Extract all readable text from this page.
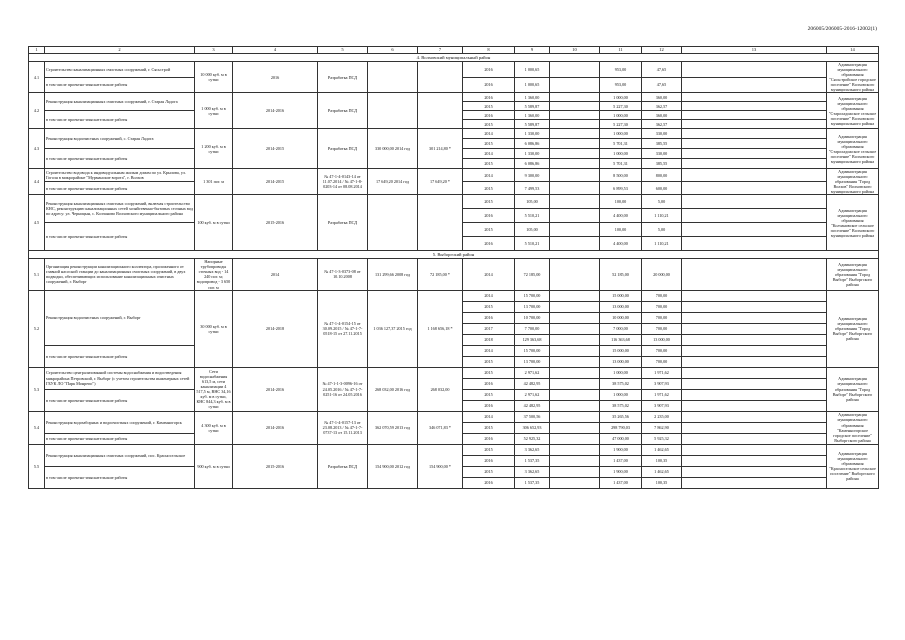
206005/206005-2016-12002(1)
1	2	3	4	5	6	7	8	9	10	11	12	13	14	
4. Волховский муниципальный район														
4.1	Строительство канализационных очистных сооружений, г. Сясьстрой	10 000 куб. м в сутки	2016	Разработка ПСД			2016	1 000,65		953,00	47,65		Администрация муниципального образования "Сясьстройское городское поселение" Волховского муниципального района	
	в том числе проектно-изыскательские работы						2016	1 000,65		953,00	47,65			
4.2	Реконструкция канализационных очистных сооружений, г. Старая Ладога	1 000 куб. м в сутки	2014-2016	Разработка ПСД			2016	1 360,00		1 000,00	360,00		Администрация муниципального образования "Староладожское сельское поселение" Волховского муниципального района	
							2015	5 589,87		5 227,30	362,57			
	в том числе проектно-изыскательские работы						2016	1 360,00		1 000,00	360,00			
							2015	5 589,87		5 227,30	362,57			
4.3	Реконструкция водоочистных сооружений, с. Старая Ладога	1 200 куб. м в сутки	2014-2015	Разработка ПСД	330 000,00 2014 год	301 214,80 *	2014	1 330,00		1 000,00	330,00		Администрация муниципального образования "Староладожское сельское поселение" Волховского муниципального района	
							2015	6 086,86		5 701,31	385,55			
	в том числе проектно-изыскательские работы						2014	1 330,00		1 000,00	330,00			
							2015	6 086,86		5 701,31	385,55			
4.4	Строительство водовода к индивидуальным жилым домам по ул. Крылова, ул. Гоголя в микрорайоне "Мурманские ворота", г. Волхов	1 301 пог. м	2014-2015	№ 47-1-4-0143-14 от 11.07.2014 / № 47-1-8-0203-14 от 08.08.2014	17 649,20 2014 год	17 649,20 *	2014	9 300,00		8 500,00	800,00		Администрация муниципального образования "Город Волхов" Волховского муниципального района	
	в том числе проектно-изыскательские работы						2015	7 499,53		6 899,53	600,00			
4.5	Реконструкция канализационных очистных сооружений, включая строительство КНС, реконструкцию канализационных сетей хозяйственно-бытовых сточных вод по адресу: ул. Черницын, с. Колчаново Волховского муниципального района	100 куб. м в сутки	2015-2016	Разработка ПСД			2015	105,00		100,00	5,00		Администрация муниципального образования "Колчановское сельское поселение" Волховского муниципального района	
							2016	5 510,21		4 400,00	1 110,21			
	в том числе проектно-изыскательские работы						2015	105,00		100,00	5,00			
							2016	5 510,21		4 400,00	1 110,21			
5. Выборгский район														
5.1	Организация реконструкции канализационного коллектора, проложенного от главной насосной станции до канализационных очистных сооружений, в двух подводки, обеспечивающих использование канализационных очистных сооружений, г. Выборг	Напорные трубопроводы сточных вод - 14 240 пог. м; водопровод - 3 650 пог. м	2014	№ 47-1-3-0373-08 от 10.10.2008	131 299,66 2008 год	72 185,00 *	2014	72 185,00		52 185,00	20 000,00		Администрация муниципального образования "Город Выборг" Выборгского района	
5.2	Реконструкция водоочистных сооружений, г. Выборг	30 000 куб. м в сутки	2014-2018	№ 47-1-4-0154-15 от 30.09.2015 / № 47-1-7-0518-15 от 27.11.2015	1 036 127,37 2015 год	1 168 656,18 *	2014	15 700,00		15 000,00	700,00		Администрация муниципального образования "Город Выборг" Выборгского района	
							2015	13 700,00		13 000,00	700,00			
							2016	10 700,00		10 000,00	700,00			
							2017	7 700,00		7 000,00	700,00			
							2018	129 363,68		116 363,68	13 000,00			
	в том числе проектно-изыскательские работы						2014	15 700,00		15 000,00	700,00			
							2015	13 700,00		13 000,00	700,00			
5.3	Строительство централизованной системы водоснабжения и водоотведения микрорайона Петровский, г. Выборг (с учетом строительства инженерных сетей ГБУК ЛО "Парк Монрепо")	Сети водоснабжения 613,5 м, сети канализации 4 517,5 м, ВНС 34,16 куб. м в сутки, КНС 844,3 куб. м в сутки	2014-2016	№ 47-1-1-3-0096-16 от 24.05.2016 / № 47-1-7-0251-16 от 24.05.2016	268 032,00 2016 год	268 032,00	2015	2 971,62		1 000,00	1 971,62		Администрация муниципального образования "Город Выборг" Выборгского района	
							2016	42 482,95		38 575,02	3 907,93			
	в том числе проектно-изыскательские работы						2015	2 971,62		1 000,00	1 971,62			
							2016	42 482,95		38 575,02	3 907,93			
5.4	Реконструкция водозаборных и водоочистных сооружений, г. Каменногорск	4 300 куб. м в сутки	2014-2016	№ 47-1-4-0157-13 от 23.08.2013 / № 47-1-7-0737-13 от 15.11.2013	362 070,59 2013 год	346 071,83 *	2014	37 500,56		35 265,56	2 235,00		Администрация муниципального образования "Каменногорское городское поселение" Выборгского района	
							2015	306 652,93		298 790,03	7 862,90			
	в том числе проектно-изыскательские работы						2016	52 925,32		47 000,00	5 925,32			
5.5	Реконструкция канализационных очистных сооружений, пос. Красносельское	900 куб. м в сутки	2015-2016	Разработка ПСД	154 900,00 2012 год	154 900,00 *	2015	3 362,65		1 900,00	1 462,65		Администрация муниципального образования "Красносельское сельское поселение" Выборгского района	
							2016	1 537,35		1 437,00	100,35			
	в том числе проектно-изыскательские работы						2015	3 362,65		1 900,00	1 462,65			
							2016	1 537,35		1 437,00	100,35			
